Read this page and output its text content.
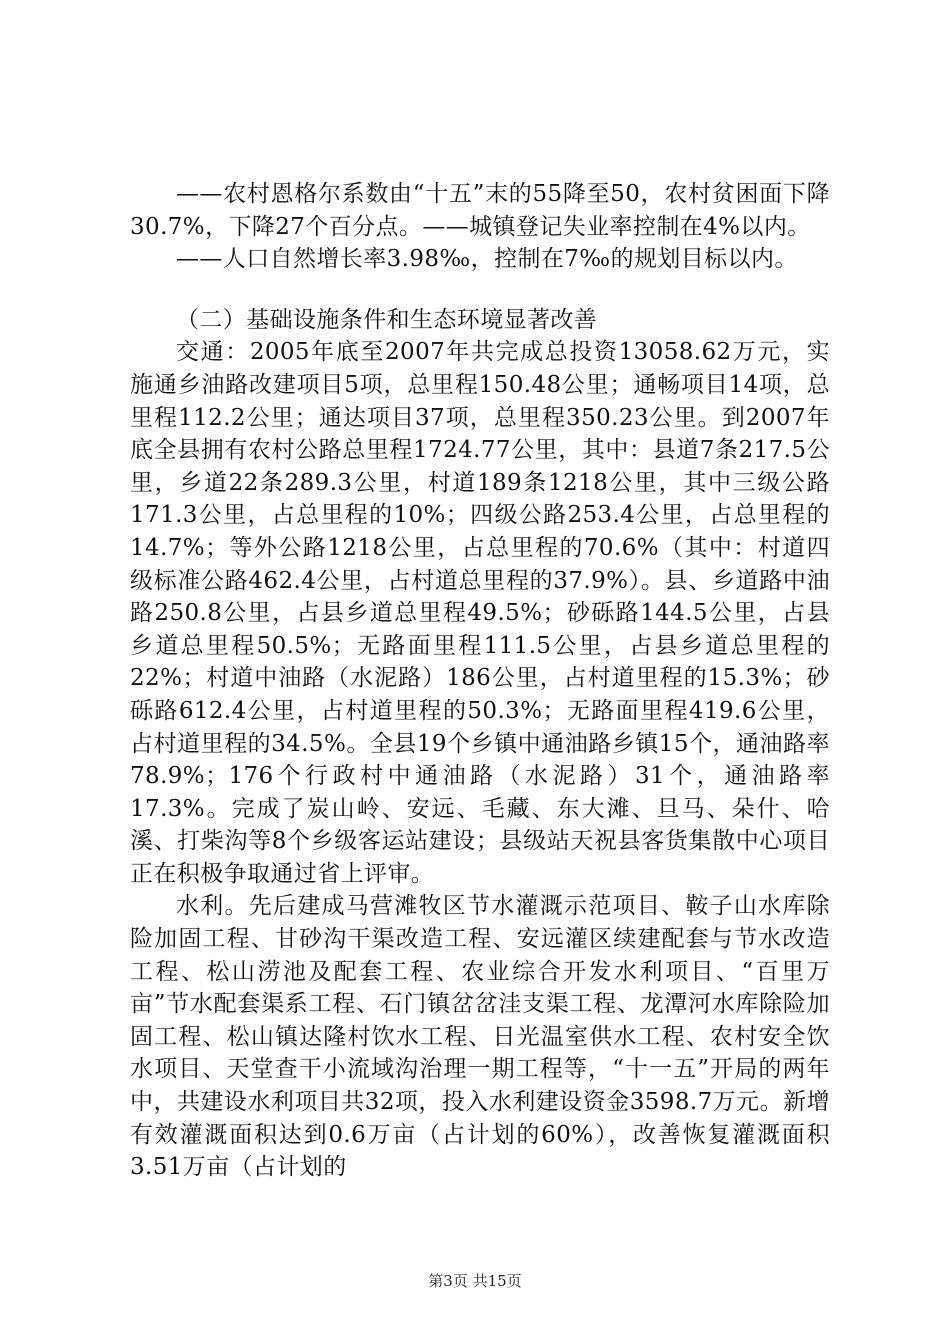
——农村恩格尔系数由“十五”末的55降至50，农村贫困面下降30.7%，下降27个百分点。——城镇登记失业率控制在4%以内。

——人口自然增长率3.98‰，控制在7‰的规划目标以内。

（二）基础设施条件和生态环境显著改善

交通：2005年底至2007年共完成总投资13058.62万元，实施通乡油路改建项目5项，总里程150.48公里；通畅项目14项，总里程112.2公里；通达项目37项，总里程350.23公里。到2007年底全县拥有农村公路总里程1724.77公里，其中：县道7条217.5公里，乡道22条289.3公里，村道189条1218公里，其中三级公路171.3公里，占总里程的10%；四级公路253.4公里，占总里程的14.7%；等外公路1218公里，占总里程的70.6%（其中：村道四级标准公路462.4公里，占村道总里程的37.9%）。县、乡道路中油路250.8公里，占县乡道总里程49.5%；砂砾路144.5公里，占县乡道总里程50.5%；无路面里程111.5公里，占县乡道总里程的22%；村道中油路（水泥路）186公里，占村道里程的15.3%；砂砾路612.4公里，占村道里程的50.3%；无路面里程419.6公里，占村道里程的34.5%。全县19个乡镇中通油路乡镇15个，通油路率78.9%；176个行政村中通油路（水泥路）31个，通油路率17.3%。完成了炭山岭、安远、毛藏、东大滩、旦马、朵什、哈溪、打柴沟等8个乡级客运站建设；县级站天祝县客货集散中心项目正在积极争取通过省上评审。

水利。先后建成马营滩牧区节水灌溉示范项目、鞍子山水库除险加固工程、甘砂沟干渠改造工程、安远灌区续建配套与节水改造工程、松山涝池及配套工程、农业综合开发水利项目、“百里万亩”节水配套渠系工程、石门镇岔岔洼支渠工程、龙潭河水库除险加固工程、松山镇达隆村饮水工程、日光温室供水工程、农村安全饮水项目、天堂查干小流域沟治理一期工程等，“十一五”开局的两年中，共建设水利项目共32项，投入水利建设资金3598.7万元。新增有效灌溉面积达到0.6万亩（占计划的60%），改善恢复灌溉面积3.51万亩（占计划的

第3页 共15页
